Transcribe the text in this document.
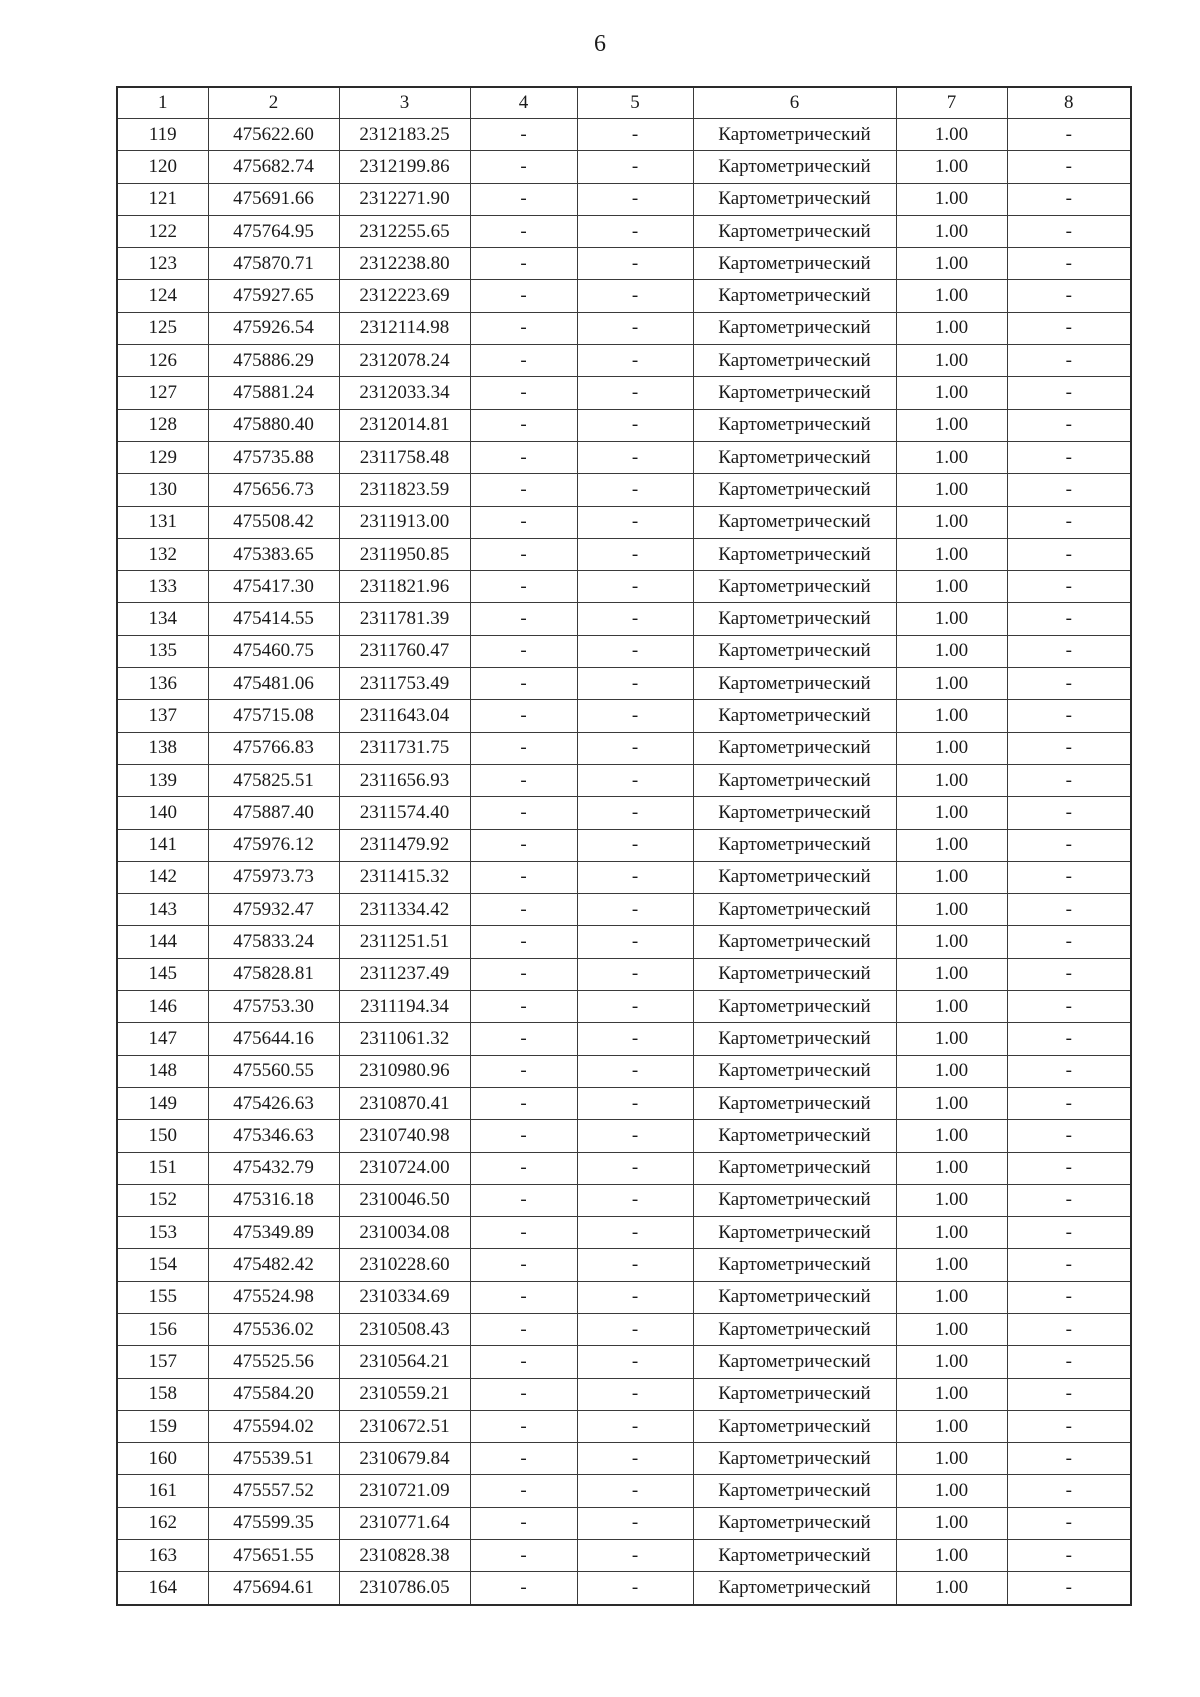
6
1	2	3	4	5	6	7	8
119	475622.60	2312183.25	-	-	Картометрический	1.00	-
120	475682.74	2312199.86	-	-	Картометрический	1.00	-
121	475691.66	2312271.90	-	-	Картометрический	1.00	-
122	475764.95	2312255.65	-	-	Картометрический	1.00	-
123	475870.71	2312238.80	-	-	Картометрический	1.00	-
124	475927.65	2312223.69	-	-	Картометрический	1.00	-
125	475926.54	2312114.98	-	-	Картометрический	1.00	-
126	475886.29	2312078.24	-	-	Картометрический	1.00	-
127	475881.24	2312033.34	-	-	Картометрический	1.00	-
128	475880.40	2312014.81	-	-	Картометрический	1.00	-
129	475735.88	2311758.48	-	-	Картометрический	1.00	-
130	475656.73	2311823.59	-	-	Картометрический	1.00	-
131	475508.42	2311913.00	-	-	Картометрический	1.00	-
132	475383.65	2311950.85	-	-	Картометрический	1.00	-
133	475417.30	2311821.96	-	-	Картометрический	1.00	-
134	475414.55	2311781.39	-	-	Картометрический	1.00	-
135	475460.75	2311760.47	-	-	Картометрический	1.00	-
136	475481.06	2311753.49	-	-	Картометрический	1.00	-
137	475715.08	2311643.04	-	-	Картометрический	1.00	-
138	475766.83	2311731.75	-	-	Картометрический	1.00	-
139	475825.51	2311656.93	-	-	Картометрический	1.00	-
140	475887.40	2311574.40	-	-	Картометрический	1.00	-
141	475976.12	2311479.92	-	-	Картометрический	1.00	-
142	475973.73	2311415.32	-	-	Картометрический	1.00	-
143	475932.47	2311334.42	-	-	Картометрический	1.00	-
144	475833.24	2311251.51	-	-	Картометрический	1.00	-
145	475828.81	2311237.49	-	-	Картометрический	1.00	-
146	475753.30	2311194.34	-	-	Картометрический	1.00	-
147	475644.16	2311061.32	-	-	Картометрический	1.00	-
148	475560.55	2310980.96	-	-	Картометрический	1.00	-
149	475426.63	2310870.41	-	-	Картометрический	1.00	-
150	475346.63	2310740.98	-	-	Картометрический	1.00	-
151	475432.79	2310724.00	-	-	Картометрический	1.00	-
152	475316.18	2310046.50	-	-	Картометрический	1.00	-
153	475349.89	2310034.08	-	-	Картометрический	1.00	-
154	475482.42	2310228.60	-	-	Картометрический	1.00	-
155	475524.98	2310334.69	-	-	Картометрический	1.00	-
156	475536.02	2310508.43	-	-	Картометрический	1.00	-
157	475525.56	2310564.21	-	-	Картометрический	1.00	-
158	475584.20	2310559.21	-	-	Картометрический	1.00	-
159	475594.02	2310672.51	-	-	Картометрический	1.00	-
160	475539.51	2310679.84	-	-	Картометрический	1.00	-
161	475557.52	2310721.09	-	-	Картометрический	1.00	-
162	475599.35	2310771.64	-	-	Картометрический	1.00	-
163	475651.55	2310828.38	-	-	Картометрический	1.00	-
164	475694.61	2310786.05	-	-	Картометрический	1.00	-
